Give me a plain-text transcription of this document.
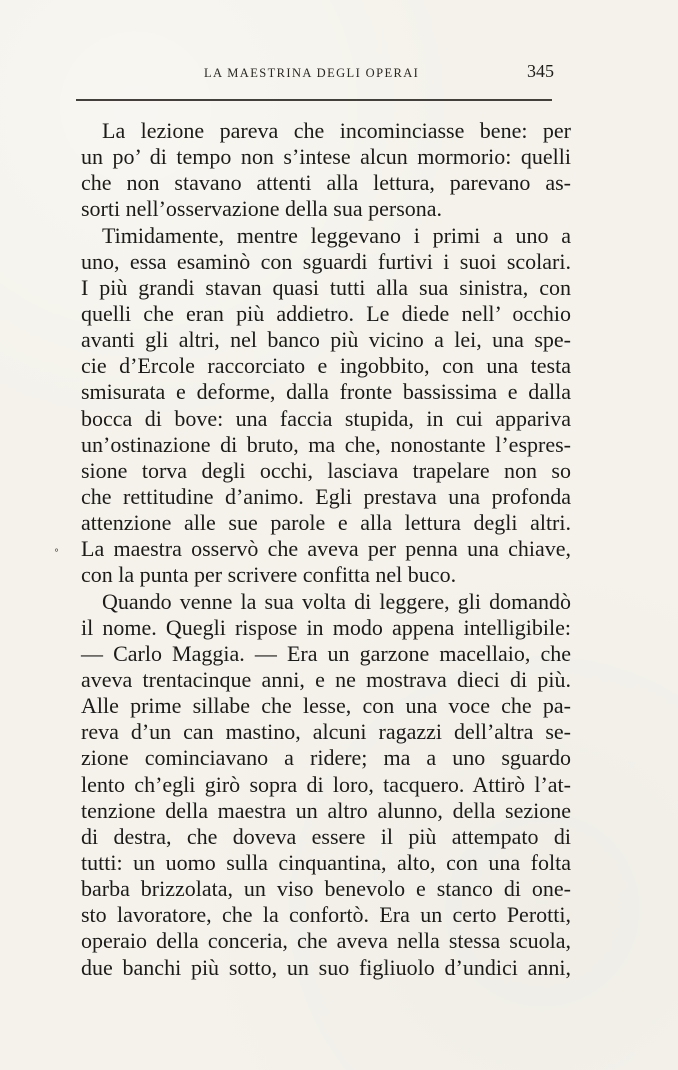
LA MAESTRINA DEGLI OPERAI	345
°
La lezione pareva che incominciasse bene: per
un po’ di tempo non s’intese alcun mormorio: quelli
che non stavano attenti alla lettura, parevano as-
sorti nell’osservazione della sua persona.
Timidamente, mentre leggevano i primi a uno a
uno, essa esaminò con sguardi furtivi i suoi scolari.
I più grandi stavan quasi tutti alla sua sinistra, con
quelli che eran più addietro. Le diede nell’ occhio
avanti gli altri, nel banco più vicino a lei, una spe-
cie d’Ercole raccorciato e ingobbito, con una testa
smisurata e deforme, dalla fronte bassissima e dalla
bocca di bove: una faccia stupida, in cui appariva
un’ostinazione di bruto, ma che, nonostante l’espres-
sione torva degli occhi, lasciava trapelare non so
che rettitudine d’animo. Egli prestava una profonda
attenzione alle sue parole e alla lettura degli altri.
La maestra osservò che aveva per penna una chiave,
con la punta per scrivere confitta nel buco.
Quando venne la sua volta di leggere, gli domandò
il nome. Quegli rispose in modo appena intelligibile:
— Carlo Maggia. — Era un garzone macellaio, che
aveva trentacinque anni, e ne mostrava dieci di più.
Alle prime sillabe che lesse, con una voce che pa-
reva d’un can mastino, alcuni ragazzi dell’altra se-
zione cominciavano a ridere; ma a uno sguardo
lento ch’egli girò sopra di loro, tacquero. Attirò l’at-
tenzione della maestra un altro alunno, della sezione
di destra, che doveva essere il più attempato di
tutti: un uomo sulla cinquantina, alto, con una folta
barba brizzolata, un viso benevolo e stanco di one-
sto lavoratore, che la confortò. Era un certo Perotti,
operaio della conceria, che aveva nella stessa scuola,
due banchi più sotto, un suo figliuolo d’undici anni,
